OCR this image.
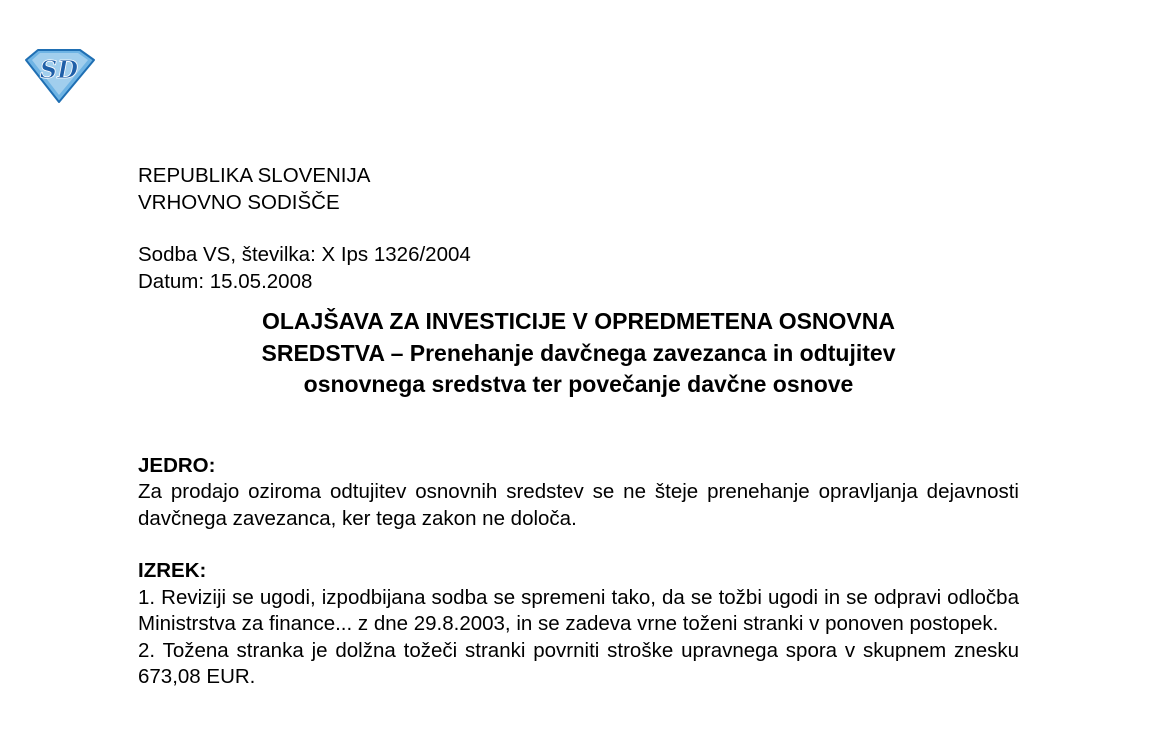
SD

REPUBLIKA SLOVENIJA

VRHOVNO SODIŠČE

Sodba VS, številka: X Ips 1326/2004

Datum: 15.05.2008

OLAJŠAVA ZA INVESTICIJE V OPREDMETENA OSNOVNA
SREDSTVA – Prenehanje davčnega zavezanca in odtujitev
osnovnega sredstva ter povečanje davčne osnove

JEDRO:

Za prodajo oziroma odtujitev osnovnih sredstev se ne šteje prenehanje opravljanja dejavnosti davčnega zavezanca, ker tega zakon ne določa.

IZREK:

1. Reviziji se ugodi, izpodbijana sodba se spremeni tako, da se tožbi ugodi in se odpravi odločba Ministrstva za finance... z dne 29.8.2003, in se zadeva vrne toženi stranki v ponoven postopek.

2. Tožena stranka je dolžna tožeči stranki povrniti stroške upravnega spora v skupnem znesku 673,08 EUR.
